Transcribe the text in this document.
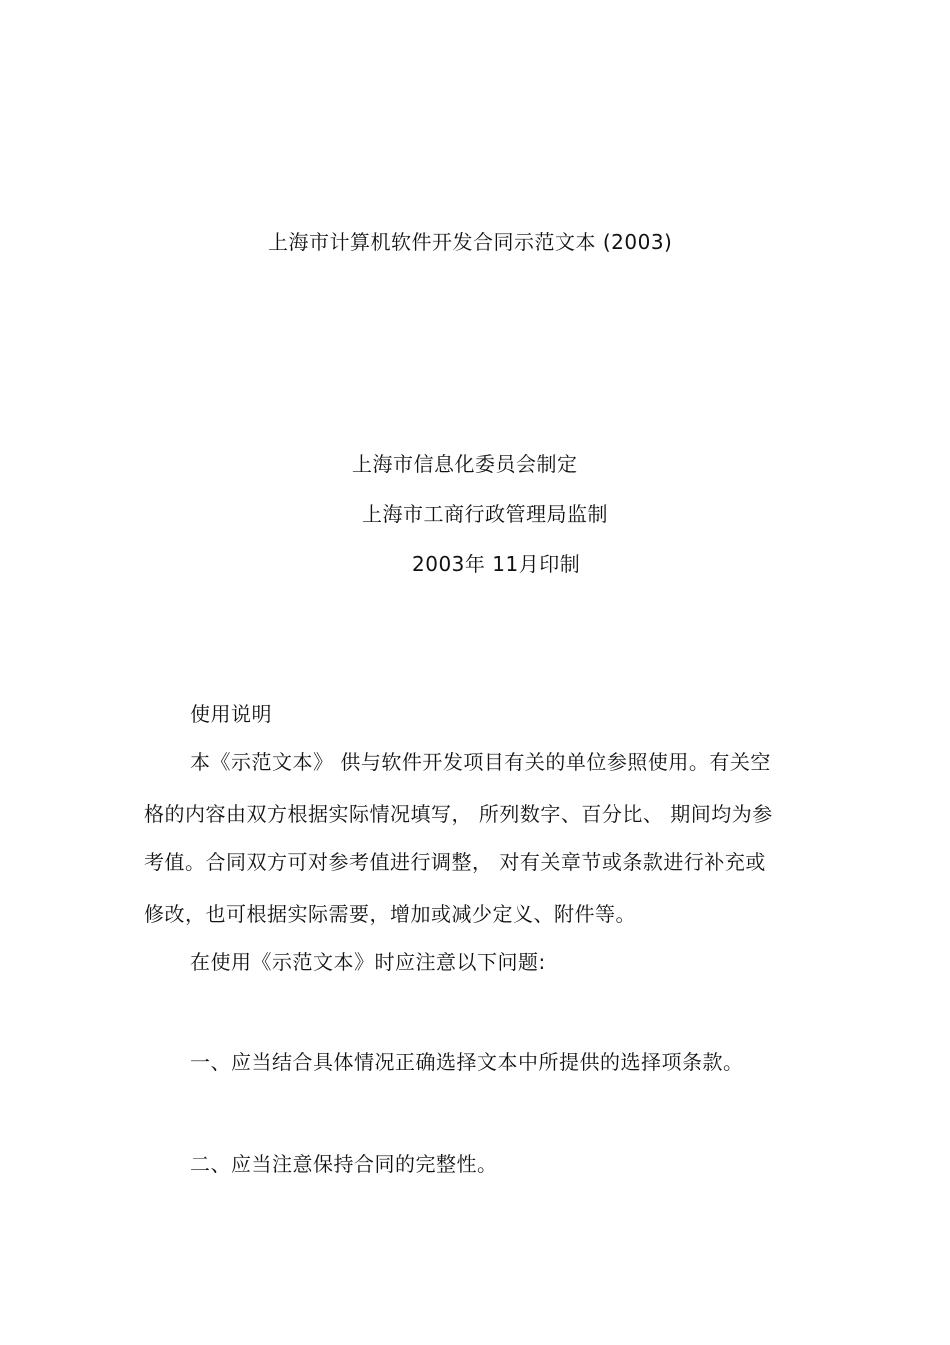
上海市计算机软件开发合同示范文本 (2003)
上海市信息化委员会制定
上海市工商行政管理局监制
2003年 11月印制
使用说明
本《示范文本》 供与软件开发项目有关的单位参照使用。有关空
格的内容由双方根据实际情况填写， 所列数字、百分比、 期间均为参
考值。合同双方可对参考值进行调整， 对有关章节或条款进行补充或
修改，也可根据实际需要，增加或减少定义、附件等。
在使用《示范文本》时应注意以下问题:
一、应当结合具体情况正确选择文本中所提供的选择项条款。
二、应当注意保持合同的完整性。
